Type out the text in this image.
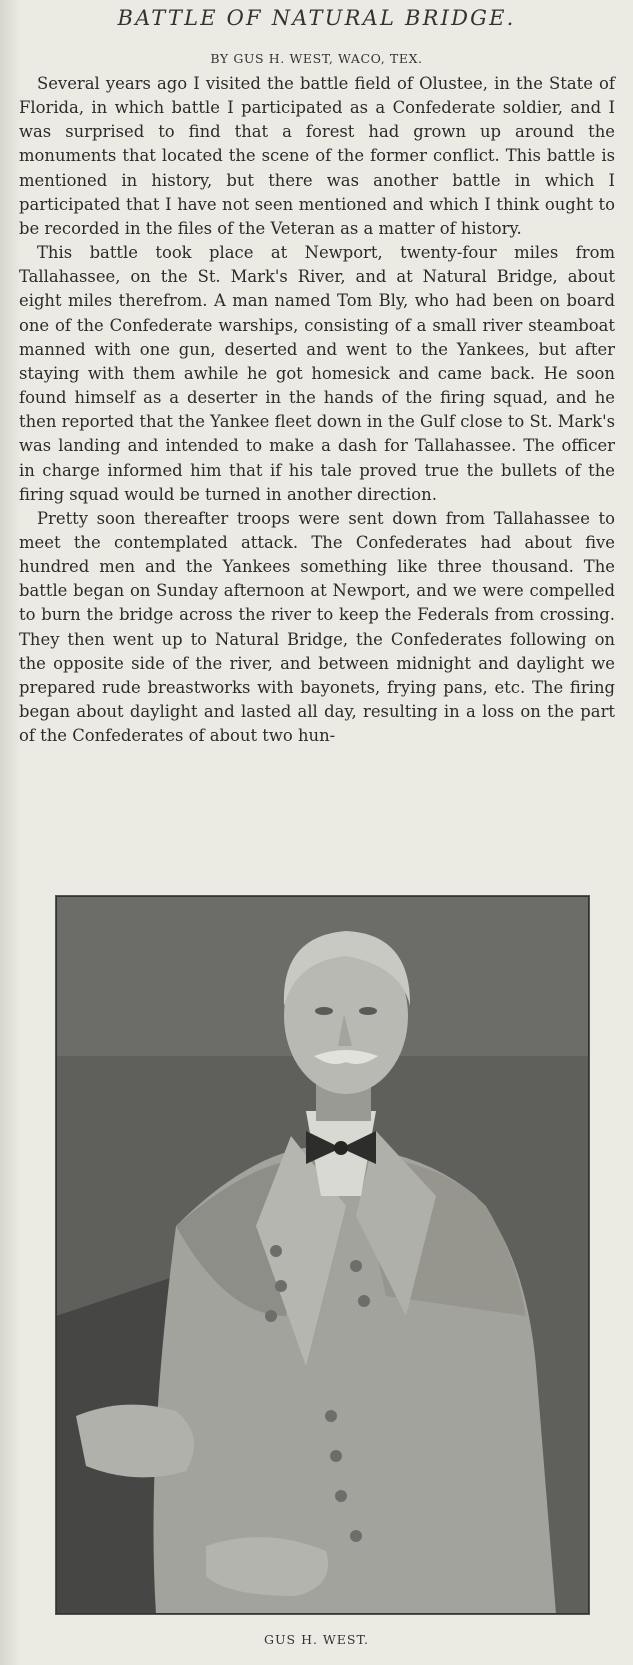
BATTLE OF NATURAL BRIDGE.
BY GUS H. WEST, WACO, TEX.

Several years ago I visited the battle field of Olustee, in the State of Florida, in which battle I participated as a Confederate soldier, and I was surprised to find that a forest had grown up around the monuments that located the scene of the former conflict. This battle is mentioned in history, but there was another battle in which I participated that I have not seen mentioned and which I think ought to be recorded in the files of the Veteran as a matter of history.

This battle took place at Newport, twenty-four miles from Tallahassee, on the St. Mark's River, and at Natural Bridge, about eight miles therefrom. A man named Tom Bly, who had been on board one of the Confederate warships, consisting of a small river steamboat manned with one gun, deserted and went to the Yankees, but after staying with them awhile he got homesick and came back. He soon found himself as a deserter in the hands of the firing squad, and he then reported that the Yankee fleet down in the Gulf close to St. Mark's was landing and intended to make a dash for Tallahassee. The officer in charge informed him that if his tale proved true the bullets of the firing squad would be turned in another direction.

Pretty soon thereafter troops were sent down from Tallahassee to meet the contemplated attack. The Confederates had about five hundred men and the Yankees something like three thousand. The battle began on Sunday afternoon at Newport, and we were compelled to burn the bridge across the river to keep the Federals from crossing. They then went up to Natural Bridge, the Confederates following on the opposite side of the river, and between midnight and daylight we prepared rude breastworks with bayonets, frying pans, etc. The firing began about daylight and lasted all day, resulting in a loss on the part of the Confederates of about two hun-

GUS H. WEST.
